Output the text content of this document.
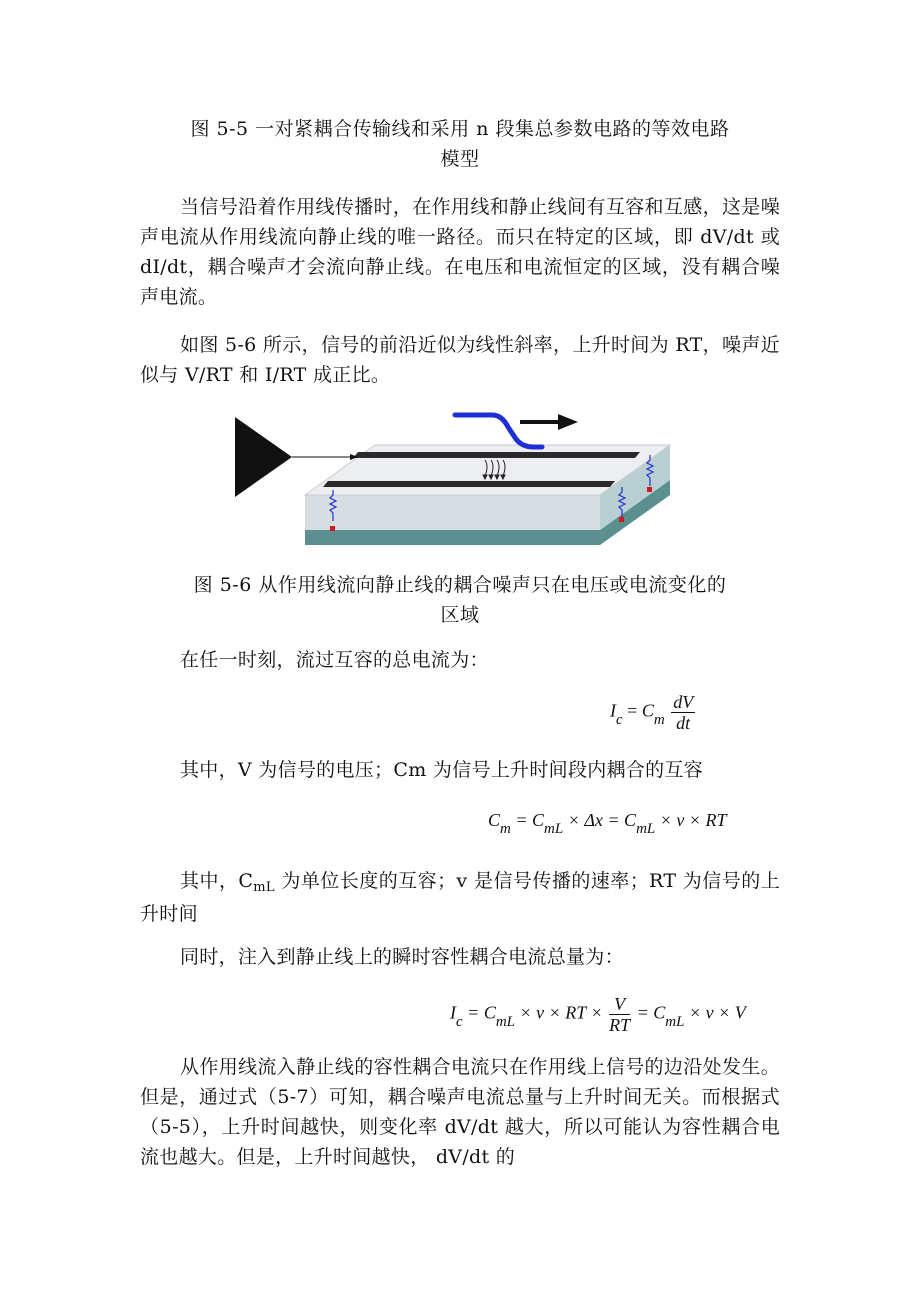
图 5-5 一对紧耦合传输线和采用 n 段集总参数电路的等效电路
模型
当信号沿着作用线传播时，在作用线和静止线间有互容和互感，这是噪声电流从作用线流向静止线的唯一路径。而只在特定的区域，即 dV/dt 或 dI/dt，耦合噪声才会流向静止线。在电压和电流恒定的区域，没有耦合噪声电流。
如图 5-6 所示，信号的前沿近似为线性斜率，上升时间为 RT，噪声近似与 V/RT 和 I/RT 成正比。
图 5-6 从作用线流向静止线的耦合噪声只在电压或电流变化的
区域
在任一时刻，流过互容的总电流为：
$I_c = C_m \frac{dV}{dt}$
其中，V 为信号的电压；Cm 为信号上升时间段内耦合的互容
$C_m = C_{mL} \times \Delta x = C_{mL} \times v$ × RT
其中，$C_{mL}$ 为单位长度的互容；v 是信号传播的速率；RT 为信号的上升时间
同时，注入到静止线上的瞬时容性耦合电流总量为：
$I_c = C_{mL} \times v$ × RT × $\frac{V}{RT} = C_{mL} \times v \times V$
从作用线流入静止线的容性耦合电流只在作用线上信号的边沿处发生。但是，通过式（5-7）可知，耦合噪声电流总量与上升时间无关。而根据式（5-5），上升时间越快，则变化率 dV/dt 越大，所以可能认为容性耦合电流也越大。但是，上升时间越快， dV/dt 的
